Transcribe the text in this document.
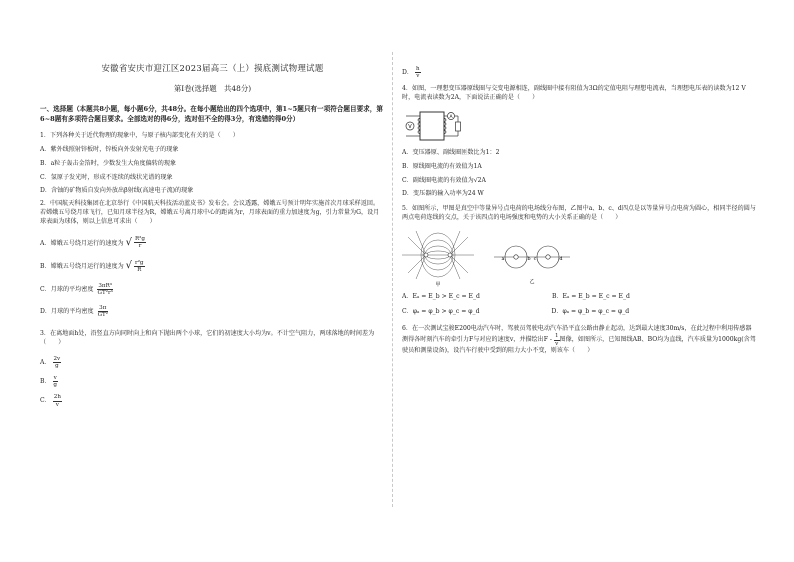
安徽省安庆市迎江区2023届高三（上）摸底测试物理试题
第Ⅰ卷(选择题　共48分)
一、选择题（本题共8小题，每小题6分，共48分。在每小题给出的四个选项中，第1~5题只有一项符合题目要求，第6~8题有多项符合题目要求。全部选对的得6分，选对但不全的得3分，有选错的得0分）

1．下列各种关于近代物理的现象中，与原子核内部变化有关的是（　　）

A．紫外线照射锌板时，锌板向外发射光电子的现象

B．a粒子轰击金箔时，少数发生大角度偏转的现象

C．氢原子发光时，形成不连续的线状光谱的现象

D．含铀的矿物质自发向外放出β射线(高速电子流)的现象

2．中国航天科技集团在北京举行《中国航天科技活动蓝皮书》发布会。会议透露，嫦娥五号预计明年实施首次月球采样返回。若嫦娥五号绕月球飞行，已知月球半径为R，嫦娥五号离月球中心的距离为r，月球表面的重力加速度为g，引力常量为G，设月球表面为球体，则以上信息可求出（　　）

A．嫦娥五号绕月运行的速度为 √ $\frac{\text{R²g}}{r}$

B．嫦娥五号绕月运行的速度为 √ $\frac{\text{r²g}}{R}$

C．月球的平均密度 $\frac{\text{3πR³}}{\text{GT²r³}}$

D．月球的平均密度 $\frac{3\pi}{\text{GT²}}$

3．在离地面h处，沿竖直方向同时向上和向下抛出两个小球，它们的初速度大小均为v。不计空气阻力，两球落地的时间差为（　　）

A． $\frac{2v}{g}$

B． $\frac{v}{g}$

C． $\frac{2h}{v}$

D． $\frac{h}{v}$

4．如图，一理想变压器原线圈与交变电源相连，副线圈中接有阻值为3Ω的定值电阻与理想电流表，当理想电压表的读数为12 V时，电流表读数为2A，下面说法正确的是（　　）

V
A

A．变压器原、副线圈匝数比为1：2

B．原线圈电流的有效值为1A

C．副线圈电流的有效值为√2A

D．变压器的输入功率为24 W

5．如图所示，甲图是真空中等量异号点电荷的电场线分布图，乙图中a、b、c、d四点是以等量异号点电荷为圆心，相同半径的圆与两点电荷连线的交点，关于该四点的电场强度和电势的大小关系正确的是（　　）

甲
a	b c	d
乙
A．Eₐ = E_b > E_c = E_d	B．Eₐ = E_b = E_c = E_d
C．φₐ = φ_b > φ_c = φ_d	D．φₐ = φ_b = φ_c = φ_d

6．在一次测试宝骏E200电动汽车时，驾驶员驾驶电动汽车沿平直公路由静止起动，达到最大速度30m/s，在此过程中利用传感器测得各时刻汽车的牵引力F与对应的速度v，并描绘出F - $\frac{1}{v}$ 图像，如图所示，已知图线AB、BO均为直线，汽车质量为1000kg(含驾驶员和测量设备)，设汽车行驶中受到的阻力大小不变，则该车（　　）
